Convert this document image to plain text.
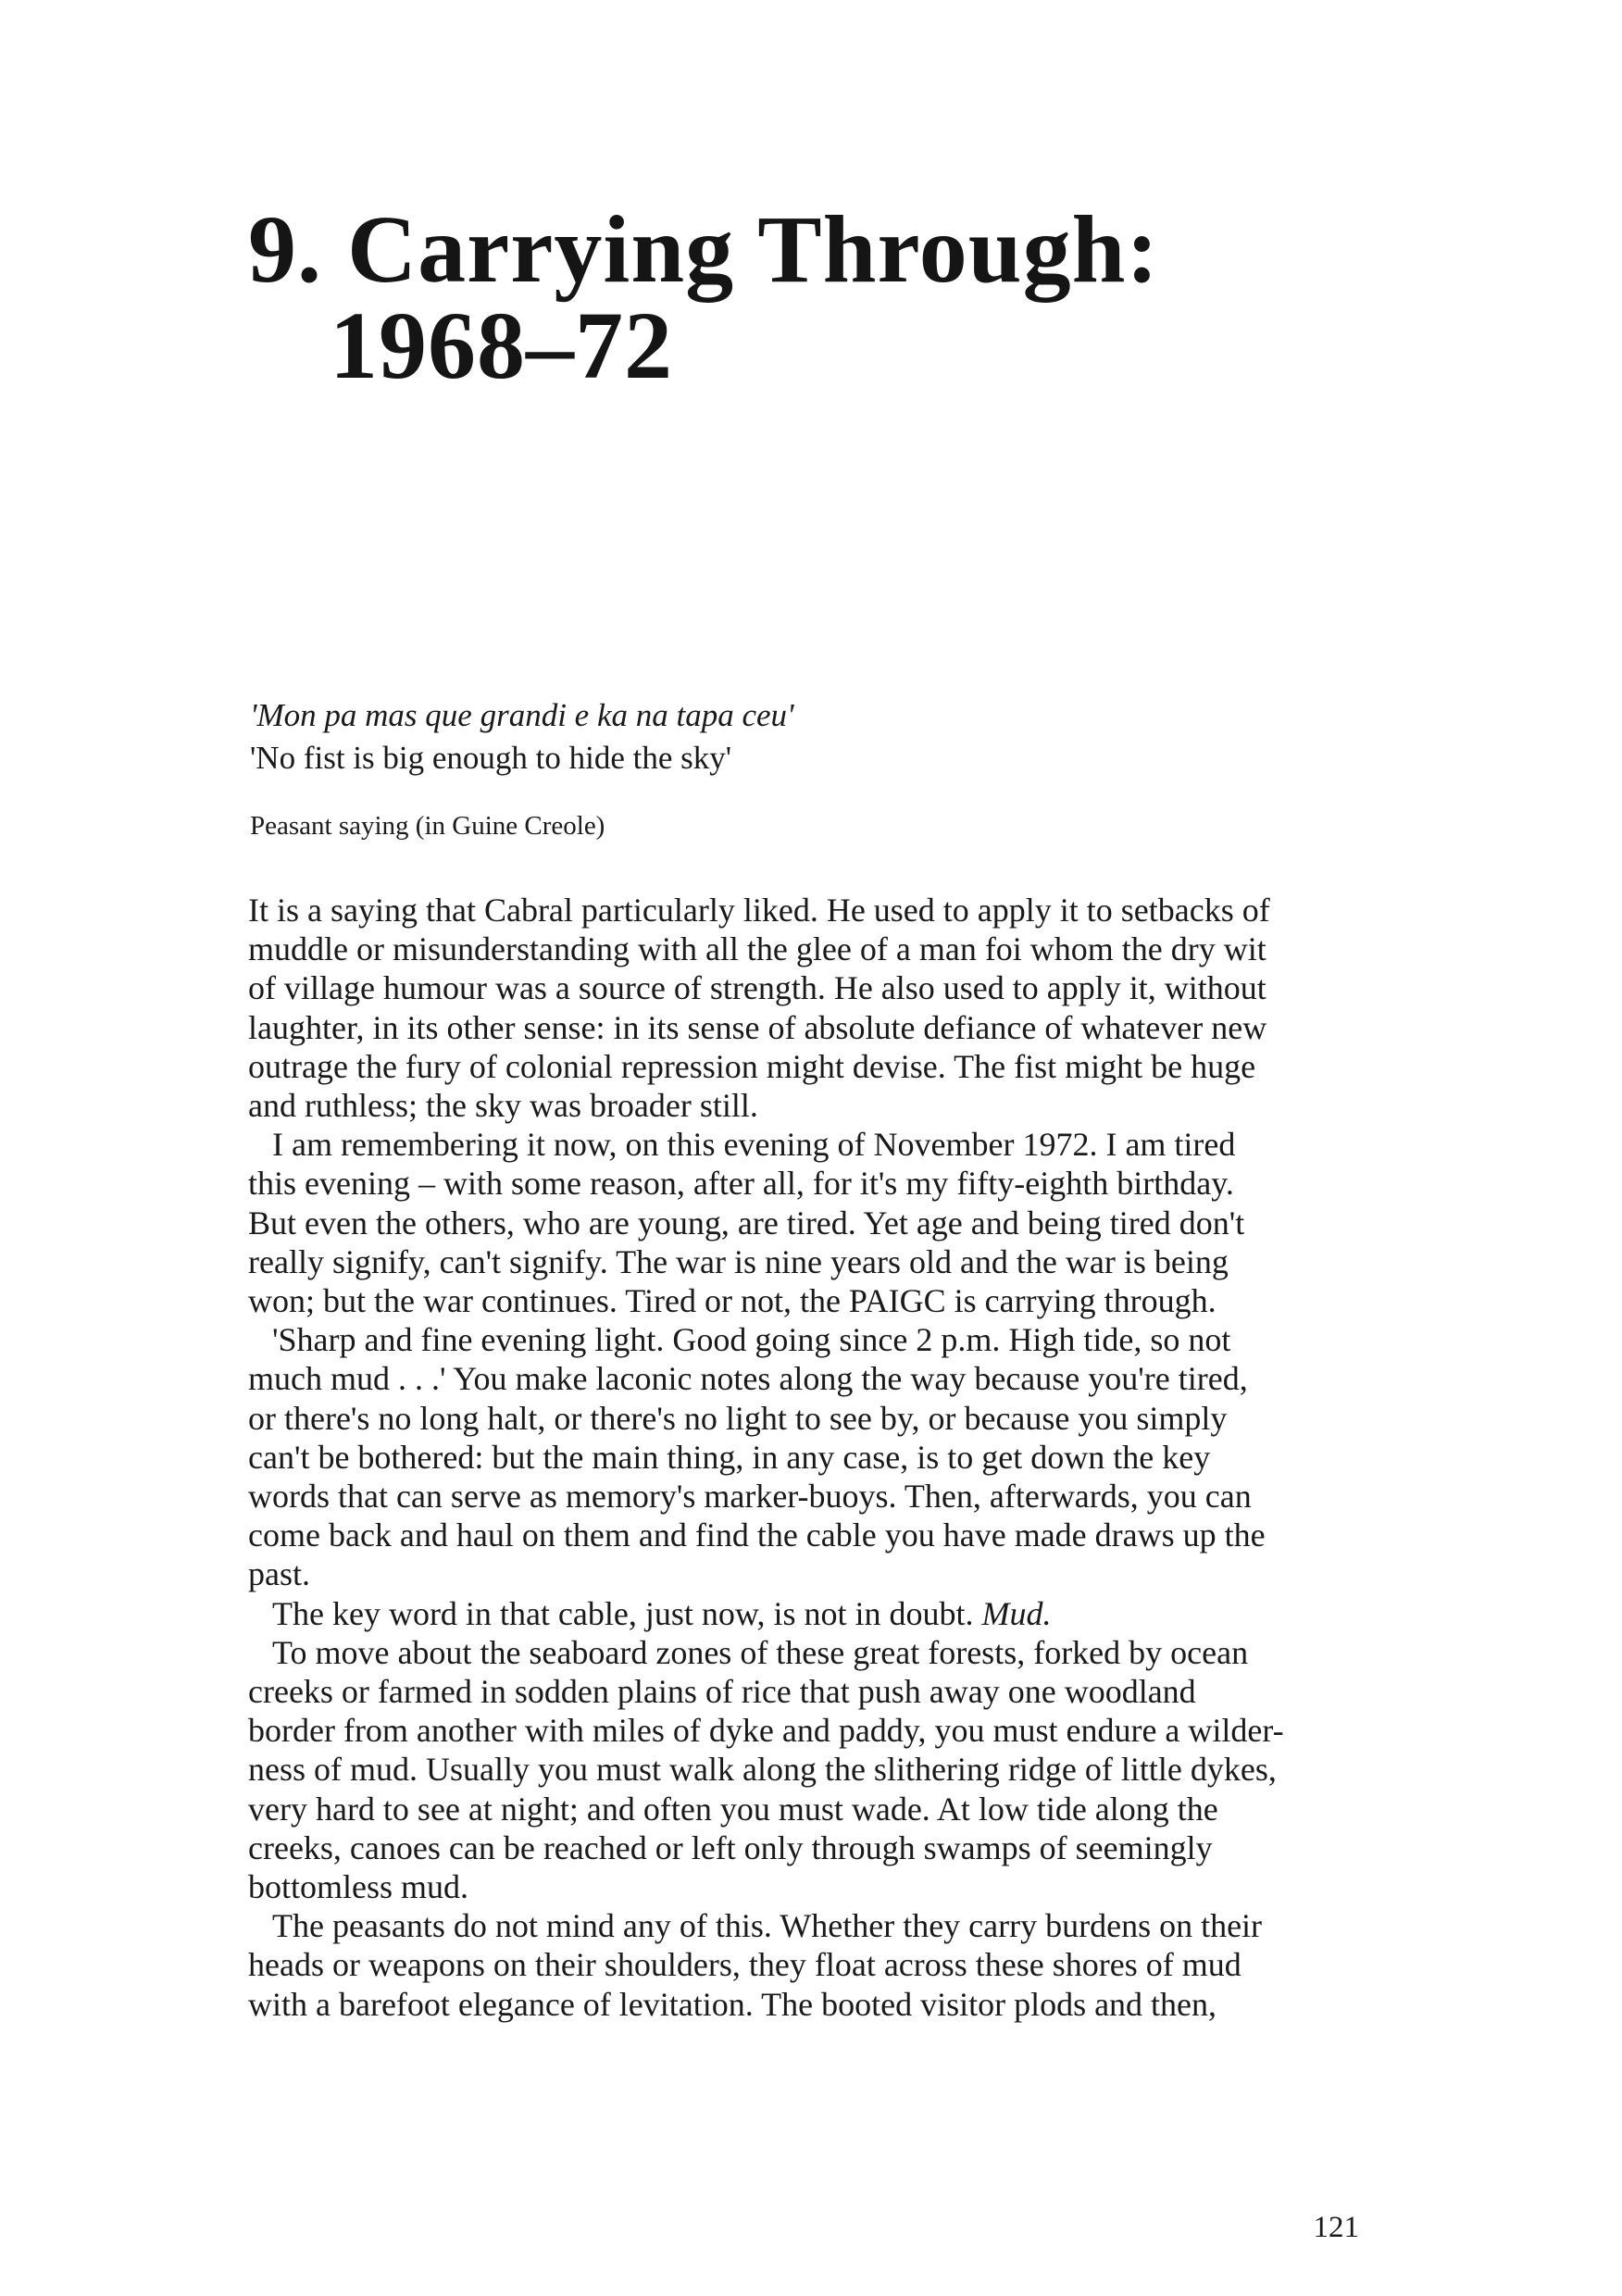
9. Carrying Through:
1968–72
'Mon pa mas que grandi e ka na tapa ceu'
'No fist is big enough to hide the sky'
Peasant saying (in Guine Creole)
It is a saying that Cabral particularly liked. He used to apply it to setbacks of
muddle or misunderstanding with all the glee of a man foi whom the dry wit
of village humour was a source of strength. He also used to apply it, without
laughter, in its other sense: in its sense of absolute defiance of whatever new
outrage the fury of colonial repression might devise. The fist might be huge
and ruthless; the sky was broader still.
I am remembering it now, on this evening of November 1972. I am tired
this evening – with some reason, after all, for it's my fifty-eighth birthday.
But even the others, who are young, are tired. Yet age and being tired don't
really signify, can't signify. The war is nine years old and the war is being
won; but the war continues. Tired or not, the PAIGC is carrying through.
'Sharp and fine evening light. Good going since 2 p.m. High tide, so not
much mud . . .' You make laconic notes along the way because you're tired,
or there's no long halt, or there's no light to see by, or because you simply
can't be bothered: but the main thing, in any case, is to get down the key
words that can serve as memory's marker-buoys. Then, afterwards, you can
come back and haul on them and find the cable you have made draws up the
past.
The key word in that cable, just now, is not in doubt. Mud.
To move about the seaboard zones of these great forests, forked by ocean
creeks or farmed in sodden plains of rice that push away one woodland
border from another with miles of dyke and paddy, you must endure a wilder-
ness of mud. Usually you must walk along the slithering ridge of little dykes,
very hard to see at night; and often you must wade. At low tide along the
creeks, canoes can be reached or left only through swamps of seemingly
bottomless mud.
The peasants do not mind any of this. Whether they carry burdens on their
heads or weapons on their shoulders, they float across these shores of mud
with a barefoot elegance of levitation. The booted visitor plods and then,
121
